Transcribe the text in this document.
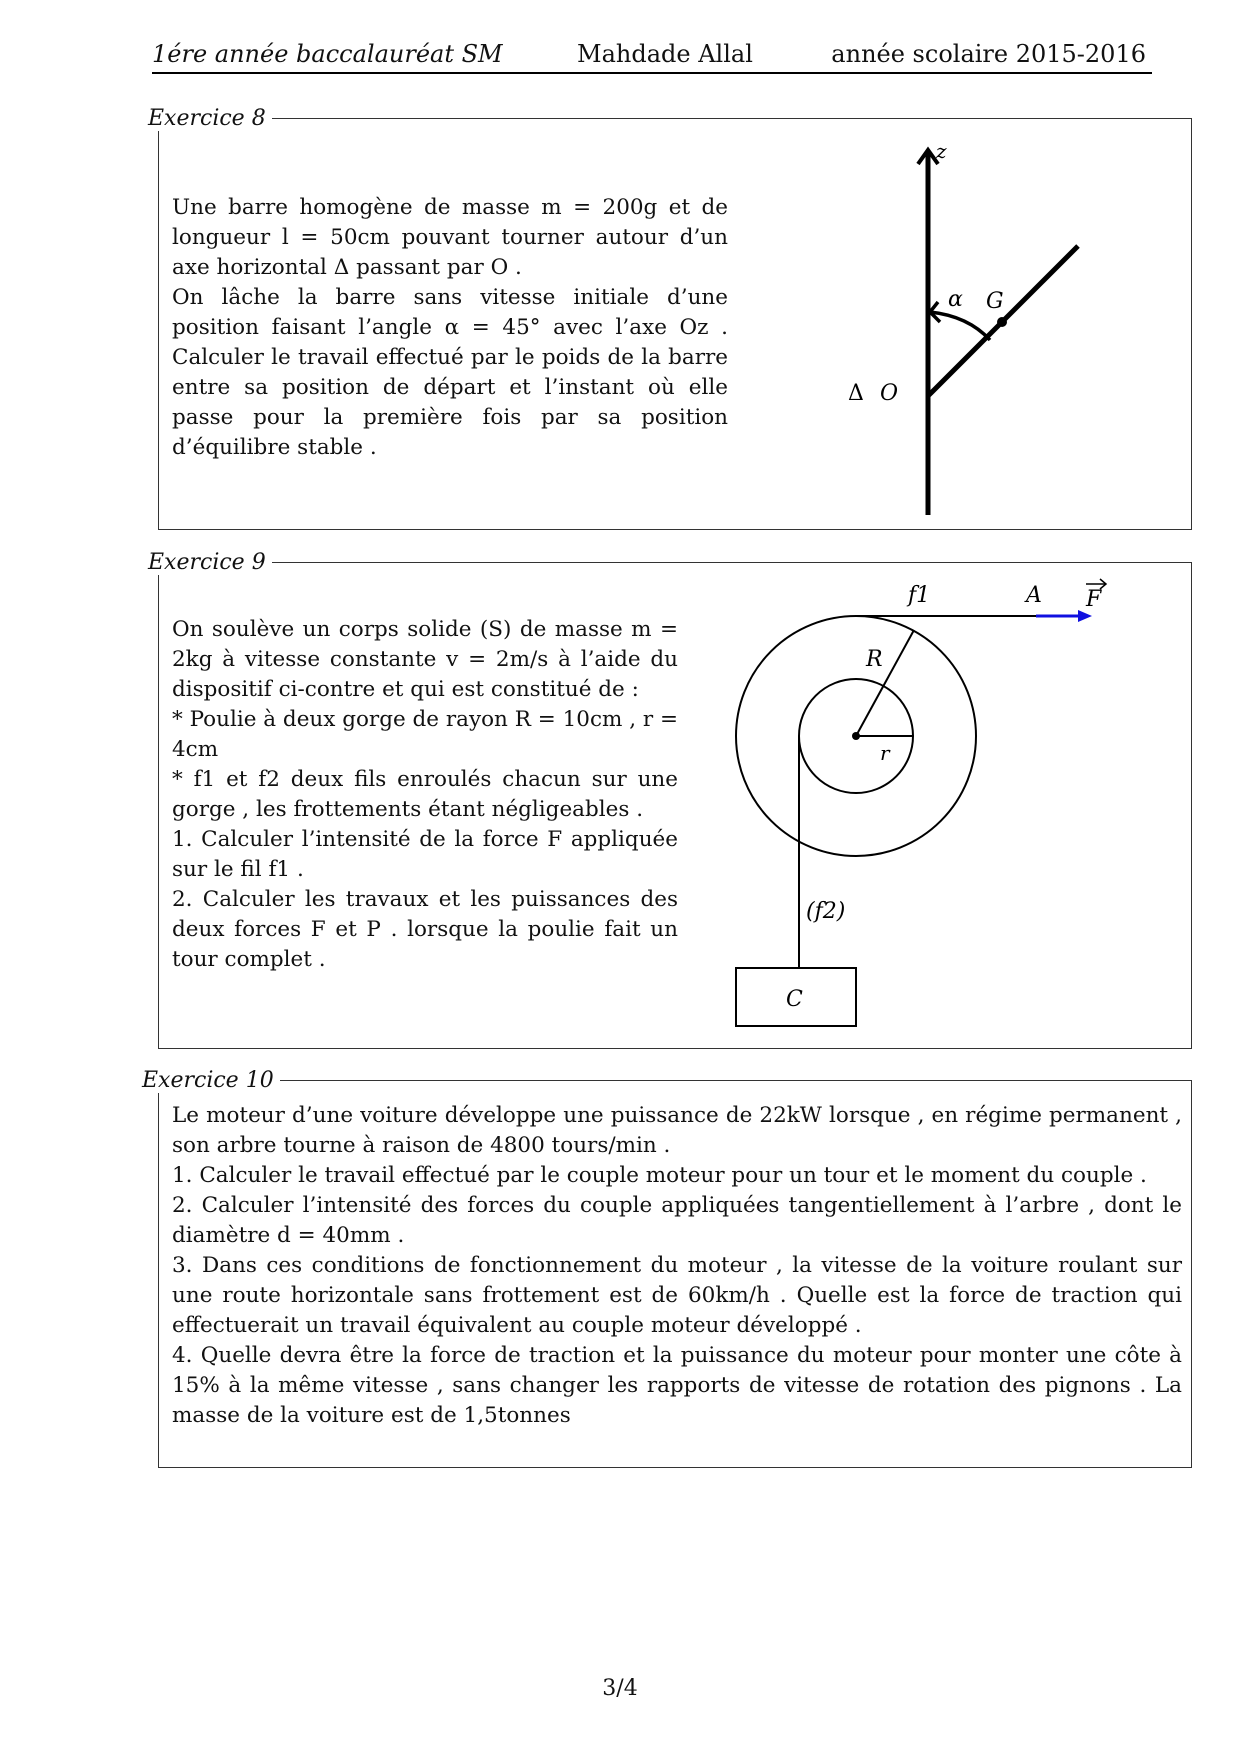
1ére année baccalauréat SM	Mahdade Allal	année scolaire 2015-2016
Exercice 8

Une barre homogène de masse m = 200g et de longueur l = 50cm pouvant tourner autour d’un axe horizontal Δ passant par O .

On lâche la barre sans vitesse initiale d’une position faisant l’angle α = 45° avec l’axe Oz . Calculer le travail effectué par le poids de la barre entre sa position de départ et l’instant où elle passe pour la première fois par sa position d’équilibre stable .

z
α G
Δ O
Exercice 9

On soulève un corps solide (S) de masse m = 2kg à vitesse constante v = 2m/s à l’aide du dispositif ci-contre et qui est constitué de :

* Poulie à deux gorge de rayon R = 10cm , r = 4cm

* f1 et f2 deux fils enroulés chacun sur une gorge , les frottements étant négligeables .

1. Calculer l’intensité de la force F appliquée sur le fil f1 .

2. Calculer les travaux et les puissances des deux forces F et P . lorsque la poulie fait un tour complet .

f1	A F
R
r
(f2)
C
Exercice 10

Le moteur d’une voiture développe une puissance de 22kW lorsque , en régime permanent , son arbre tourne à raison de 4800 tours/min .

1. Calculer le travail effectué par le couple moteur pour un tour et le moment du couple .

2. Calculer l’intensité des forces du couple appliquées tangentiellement à l’arbre , dont le diamètre d = 40mm .

3. Dans ces conditions de fonctionnement du moteur , la vitesse de la voiture roulant sur une route horizontale sans frottement est de 60km/h . Quelle est la force de traction qui effectuerait un travail équivalent au couple moteur développé .

4. Quelle devra être la force de traction et la puissance du moteur pour monter une côte à 15% à la même vitesse , sans changer les rapports de vitesse de rotation des pignons . La masse de la voiture est de 1,5tonnes

3/4
